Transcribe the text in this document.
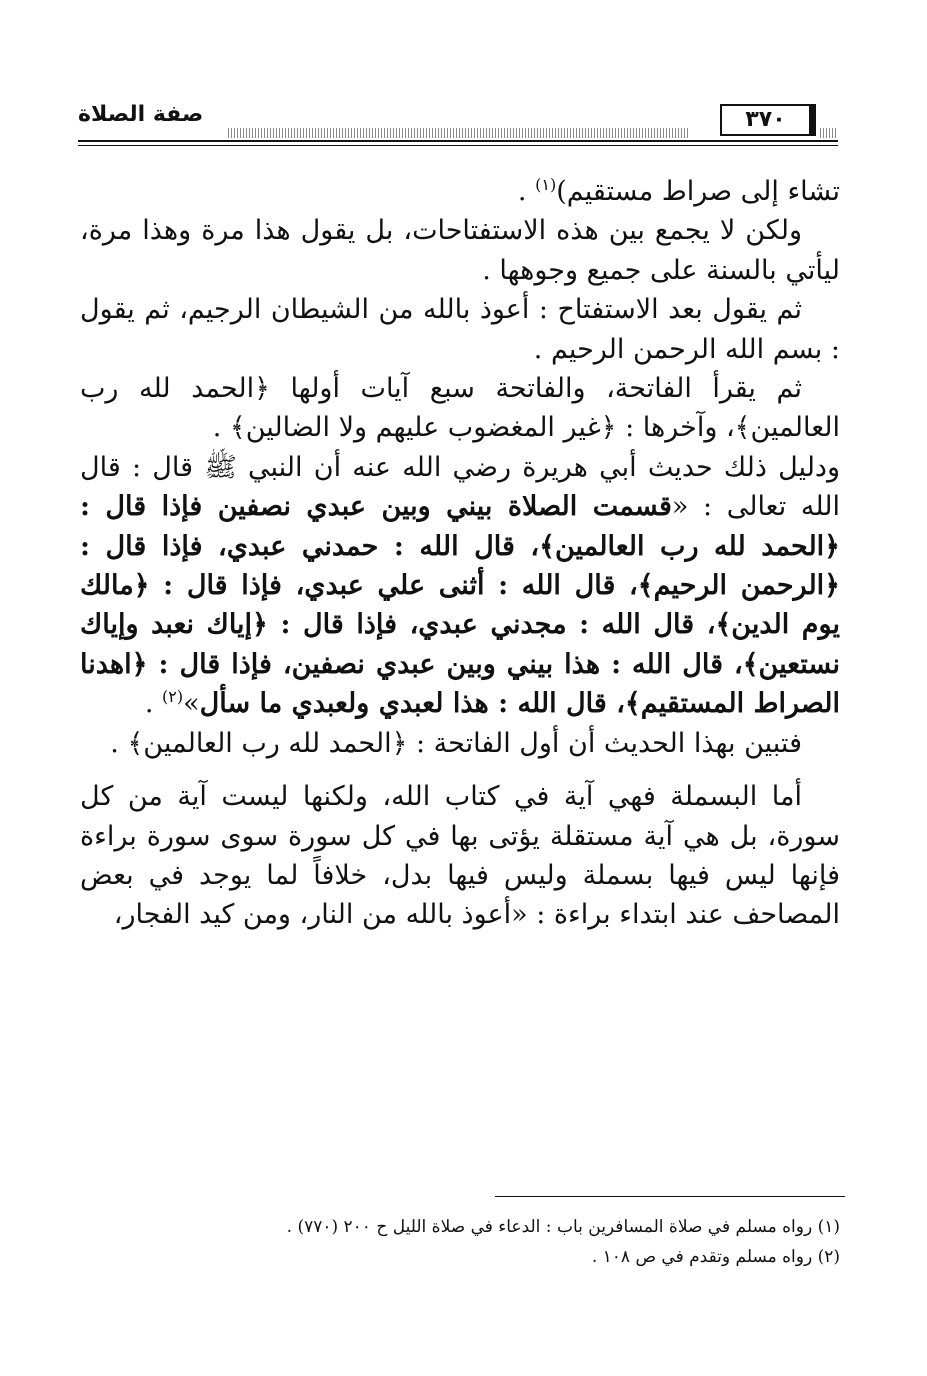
صفة الصلاة	٣٧٠

تشاء إلى صراط مستقيم)$^{(١)}$ .

ولكن لا يجمع بين هذه الاستفتاحات، بل يقول هذا مرة وهذا مرة، ليأتي بالسنة على جميع وجوهها .

ثم يقول بعد الاستفتاح : أعوذ بالله من الشيطان الرجيم، ثم يقول : بسم الله الرحمن الرحيم .

ثم يقرأ الفاتحة، والفاتحة سبع آيات أولها ﴿الحمد لله رب العالمين﴾، وآخرها : ﴿غير المغضوب عليهم ولا الضالين﴾ .

ودليل ذلك حديث أبي هريرة رضي الله عنه أن النبي ﷺ قال : قال الله تعالى : «قسمت الصلاة بيني وبين عبدي نصفين فإذا قال : ﴿الحمد لله رب العالمين﴾، قال الله : حمدني عبدي، فإذا قال : ﴿الرحمن الرحيم﴾، قال الله : أثنى علي عبدي، فإذا قال : ﴿مالك يوم الدين﴾، قال الله : مجدني عبدي، فإذا قال : ﴿إياك نعبد وإياك نستعين﴾، قال الله : هذا بيني وبين عبدي نصفين، فإذا قال : ﴿اهدنا الصراط المستقيم﴾، قال الله : هذا لعبدي ولعبدي ما سأل»$^{(٢)}$ .

فتبين بهذا الحديث أن أول الفاتحة : ﴿الحمد لله رب العالمين﴾ .

أما البسملة فهي آية في كتاب الله، ولكنها ليست آية من كل سورة، بل هي آية مستقلة يؤتى بها في كل سورة سوى سورة براءة فإنها ليس فيها بسملة وليس فيها بدل، خلافاً لما يوجد في بعض المصاحف عند ابتداء براءة : «أعوذ بالله من النار، ومن كيد الفجار،

(١) رواه مسلم في صلاة المسافرين باب : الدعاء في صلاة الليل ح ٢٠٠ (٧٧٠) .

(٢) رواه مسلم وتقدم في ص ١٠٨ .
